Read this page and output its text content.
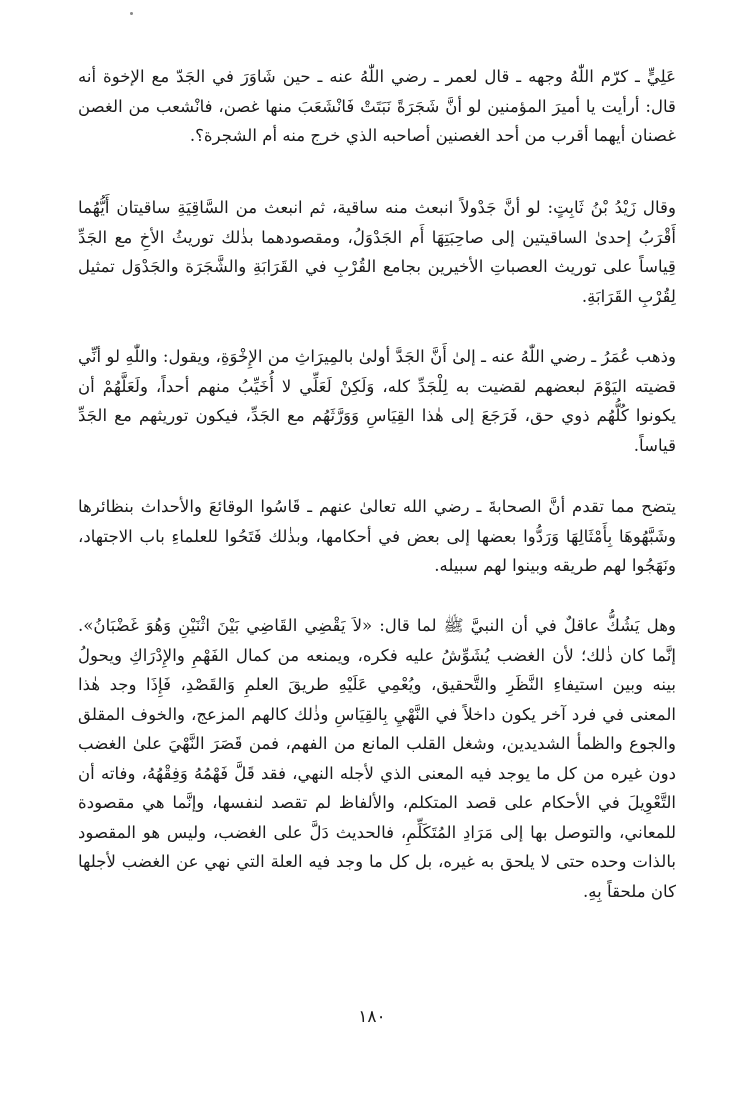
عَلِيٍّ ـ كرّم اللّٰهُ وجهه ـ قال لعمر ـ رضي اللّٰهُ عنه ـ حين شَاوَرَ في الجَدّ مع الإخوة أنه قال: أرأيت يا أميرَ المؤمنين لو أنَّ شَجَرَةً نَبَتَتْ فَانْشَعَبَ منها غصن، فانْشعب من الغصن غصنان أيهما أقرب من أحد الغصنين أصاحبه الذي خرج منه أم الشجرة؟.

وقال زَيْدُ بْنُ ثَابِتٍ: لو أنَّ جَدْولاً انبعث منه ساقية، ثم انبعث من السَّاقِيَةِ ساقيتان أَيُّهُما أَقْرَبُ إحدىٰ الساقيتين إلى صاحِبَتِهَا أَم الجَدْوَلُ، ومقصودهما بذٰلك توريثُ الأخِ مع الجَدِّ قِياساً على توريث العصباتِ الأخيرين بجامع القُرْبِ في القَرَابَةِ والشَّجَرَة والجَدْوَل تمثيل لِقُرْبِ القَرَابَةِ.

وذهب عُمَرُ ـ رضي اللّٰهُ عنه ـ إلىٰ أَنَّ الجَدَّ أولىٰ بالمِيرَاثِ من الإِخْوَةِ، ويقول: واللّٰهِ لو أنِّي قضيته اليَوْمَ لبعضهم لقضيت به لِلْجَدِّ كله، وَلَكِنْ لَعَلِّي لا أُخَيِّبُ منهم أحداً، ولَعَلَّهُمْ أن يكونوا كُلُّهُم ذوي حق، فَرَجَعَ إلى هٰذا القِيَاسِ وَوَرَّثَهُم مع الجَدِّ، فيكون توريثهم مع الجَدِّ قياساً.

يتضح مما تقدم أنَّ الصحابةَ ـ رضي الله تعالىٰ عنهم ـ قَاسُوا الوقائعَ والأحداث بنظائرها وشَبَّهُوهَا بِأَمْثَالِهَا وَرَدُّوا بعضها إلى بعض في أحكامها، وبذٰلك فَتَحُوا للعلماءِ باب الاجتهاد، ونَهَجُوا لهم طريقه وبينوا لهم سبيله.

وهل يَشُكُّ عاقلٌ في أن النبيَّ ﷺ لما قال: «لاَ يَقْضِي القَاضِي بَيْنَ اثْنَيْنِ وَهُوَ غَضْبَانُ». إنَّما كان ذٰلك؛ لأن الغضب يُشَوِّشُ عليه فكره، ويمنعه من كمال الفَهْمِ والإِدْرَاكِ ويحولُ بينه وبين استيفاءِ النَّظَرِ والتَّحقيق، ويُعْمِي عَلَيْهِ طريقَ العلمِ وَالقَصْدِ، فَإِذَا وجد هٰذا المعنى في فرد آخر يكون داخلاً في النَّهْيِ بِالقِيَاسِ وذٰلك كالهم المزعج، والخوف المقلق والجوع والظمأ الشديدين، وشغل القلب المانع من الفهم، فمن قَصَرَ النَّهْيَ علىٰ الغضب دون غيره من كل ما يوجد فيه المعنى الذي لأجله النهي، فقد قَلَّ فَهْمُهُ وَفِقْهُهُ، وفاته أن التَّعْوِيلَ في الأحكام على قصد المتكلم، والألفاظ لم تقصد لنفسها، وإنَّما هي مقصودة للمعاني، والتوصل بها إلى مَرَادِ المُتَكَلِّمِ، فالحديث دَلَّ على الغضب، وليس هو المقصود بالذات وحده حتى لا يلحق به غيره، بل كل ما وجد فيه العلة التي نهي عن الغضب لأجلها كان ملحقاً بِهِ.

١٨٠
